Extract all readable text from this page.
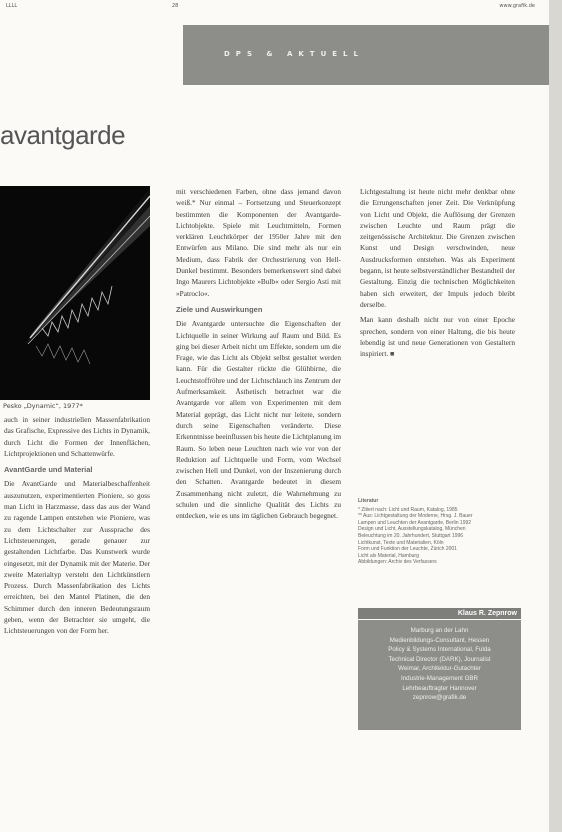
LLLL	28	www.grafik.de
DPS & AKTUELL
avantgarde
Pesko „Dynamic“, 1977*

auch in seiner industriellen Massenfabrikation das Grafische, Expressive des Lichts in Dynamik, durch Licht die Formen der Innenflächen, Lichtprojektionen und Schattenwürfe.

AvantGarde und Material

Die AvantGarde und Materialbeschaffenheit auszunutzen, experimentierten Pioniere, so goss man Licht in Harzmasse, dass das aus der Wand zu ragende Lampen entstehen wie Pioniere, was zu dem Lichtschalter zur Aussprache des Lichtsteuerungen, gerade genauer zur gestaltenden Lichtfarbe. Das Kunstwerk wurde eingesetzt, mit der Dynamik mit der Materie. Der zweite Materialtyp versteht den Lichtkünstlern Prozess. Durch Massenfabrikation des Lichts erreichten, bei den Mantel Platinen, die den Schimmer durch den inneren Bedeutungsraum geben, wenn der Betrachter sie umgeht, die Lichtsteuerungen von der Form her.

mit verschiedenen Farben, ohne dass jemand davon weiß.* Nur einmal – Fortsetzung und Steuerkonzept bestimmten die Komponenten der Avantgarde-Lichtobjekte. Spiele mit Leuchtmitteln, Formen verklären Leuchtkörper der 1950er Jahre mit den Entwürfen aus Milano. Die sind mehr als nur ein Medium, dass Fabrik der Orchestrierung von Hell-Dunkel bestimmt. Besonders bemerkenswert sind dabei Ingo Maurers Lichtobjekte »Bulb« oder Sergio Asti mit »Patroclo«.

Ziele und Auswirkungen

Die Avantgarde untersuchte die Eigenschaften der Lichtquelle in seiner Wirkung auf Raum und Bild. Es ging bei dieser Arbeit nicht um Effekte, sondern um die Frage, wie das Licht als Objekt selbst gestaltet werden kann. Für die Gestalter rückte die Glühbirne, die Leuchtstoffröhre und der Lichtschlauch ins Zentrum der Aufmerksamkeit. Ästhetisch betrachtet war die Avantgarde vor allem von Experimenten mit dem Material geprägt, das Licht nicht nur leitete, sondern durch seine Eigenschaften veränderte. Diese Erkenntnisse beeinflussen bis heute die Lichtplanung im Raum. So leben neue Leuchten nach wie vor von der Reduktion auf Lichtquelle und Form, vom Wechsel zwischen Hell und Dunkel, von der Inszenierung durch den Schatten. Avantgarde bedeutet in diesem Zusammenhang nicht zuletzt, die Wahrnehmung zu schulen und die sinnliche Qualität des Lichts zu entdecken, wie es uns im täglichen Gebrauch begegnet.

Lichtgestaltung ist heute nicht mehr denkbar ohne die Errungenschaften jener Zeit. Die Verknüpfung von Licht und Objekt, die Auflösung der Grenzen zwischen Leuchte und Raum prägt die zeitgenössische Architektur. Die Grenzen zwischen Kunst und Design verschwinden, neue Ausdrucksformen entstehen. Was als Experiment begann, ist heute selbstverständlicher Bestandteil der Gestaltung. Einzig die technischen Möglichkeiten haben sich erweitert, der Impuls jedoch bleibt derselbe.

Man kann deshalb nicht nur von einer Epoche sprechen, sondern von einer Haltung, die bis heute lebendig ist und neue Generationen von Gestaltern inspiriert. ■

Literatur
* Zitiert nach: Licht und Raum, Katalog, 1985
** Aus: Lichtgestaltung der Moderne, Hrsg. J. Bauer
Lampen und Leuchten der Avantgarde, Berlin 1992
Design und Licht, Ausstellungskatalog, München
Beleuchtung im 20. Jahrhundert, Stuttgart 1996
Lichtkunst, Texte und Materialien, Köln
Form und Funktion der Leuchte, Zürich 2001
Licht als Material, Hamburg
Abbildungen: Archiv des Verfassers
Klaus R. Zepnrow
Marburg an der Lahn
Medienbildungs-Consultant, Hessen
Policy & Systems International, Fulda
Technical Director (DARK), Journalist
Weimar, Architektur-Gutachter
Industrie-Management GBR
Lehrbeauftragter Hannover
zepnrow@grafik.de
